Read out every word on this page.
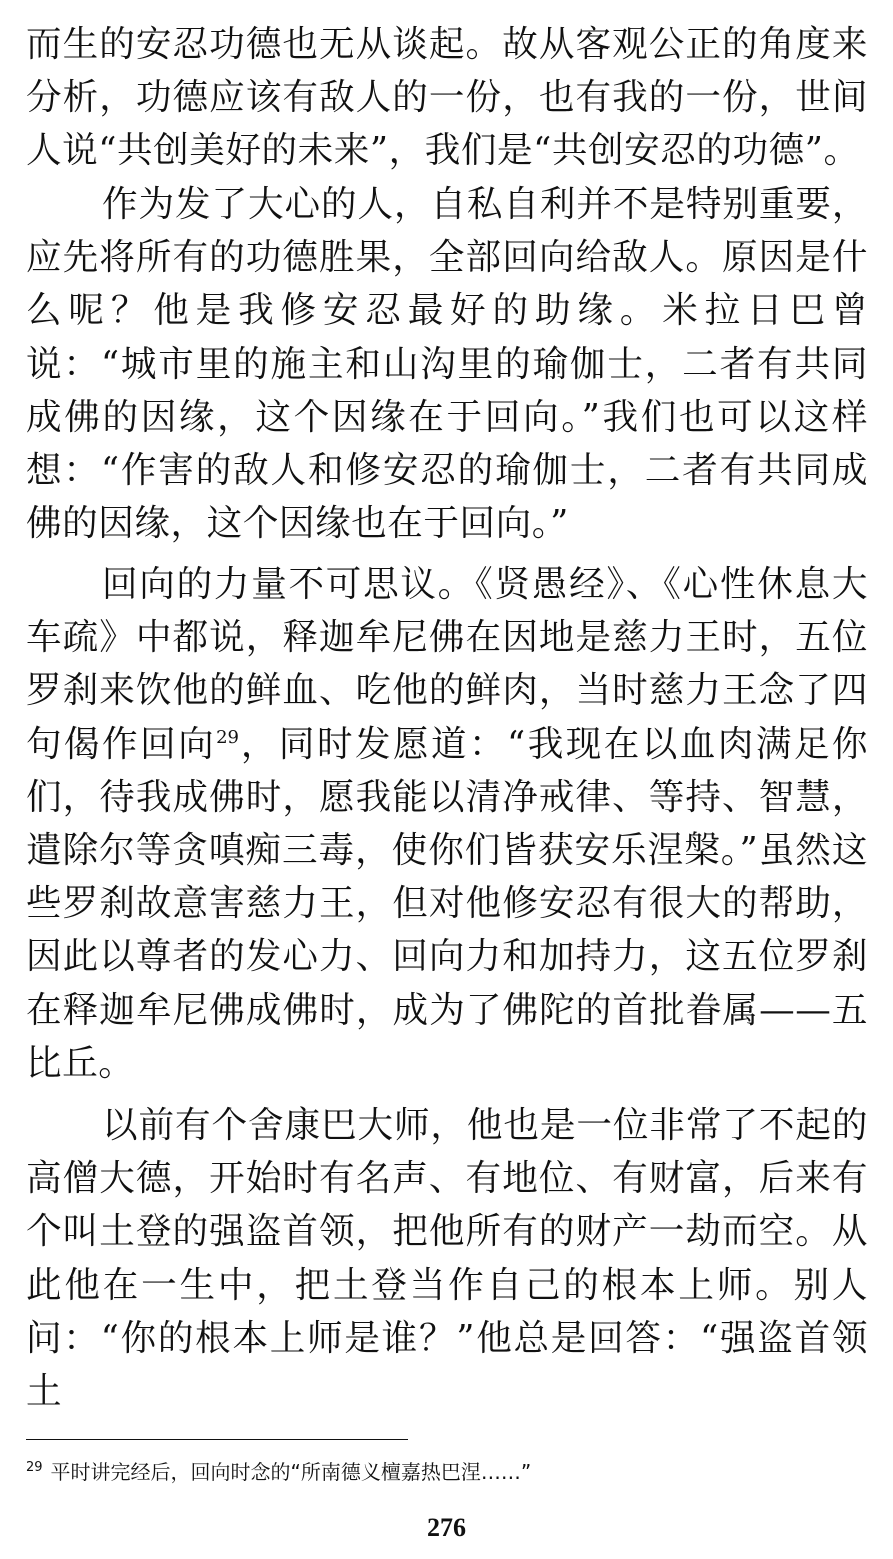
而生的安忍功德也无从谈起。故从客观公正的角度来分析，功德应该有敌人的一份，也有我的一份，世间人说“共创美好的未来”，我们是“共创安忍的功德”。

作为发了大心的人，自私自利并不是特别重要，应先将所有的功德胜果，全部回向给敌人。原因是什么呢？他是我修安忍最好的助缘。米拉日巴曾说：“城市里的施主和山沟里的瑜伽士，二者有共同成佛的因缘，这个因缘在于回向。”我们也可以这样想：“作害的敌人和修安忍的瑜伽士，二者有共同成佛的因缘，这个因缘也在于回向。”

回向的力量不可思议。《贤愚经》、《心性休息大车疏》中都说，释迦牟尼佛在因地是慈力王时，五位罗刹来饮他的鲜血、吃他的鲜肉，当时慈力王念了四句偈作回向$^{29}$，同时发愿道：“我现在以血肉满足你们，待我成佛时，愿我能以清净戒律、等持、智慧，遣除尔等贪嗔痴三毒，使你们皆获安乐涅槃。”虽然这些罗刹故意害慈力王，但对他修安忍有很大的帮助，因此以尊者的发心力、回向力和加持力，这五位罗刹在释迦牟尼佛成佛时，成为了佛陀的首批眷属——五比丘。

以前有个舍康巴大师，他也是一位非常了不起的高僧大德，开始时有名声、有地位、有财富，后来有个叫土登的强盗首领，把他所有的财产一劫而空。从此他在一生中，把土登当作自己的根本上师。别人问：“你的根本上师是谁？”他总是回答：“强盗首领土

$^{29}$ 平时讲完经后，回向时念的“所南德义檀嘉热巴涅……”
276
